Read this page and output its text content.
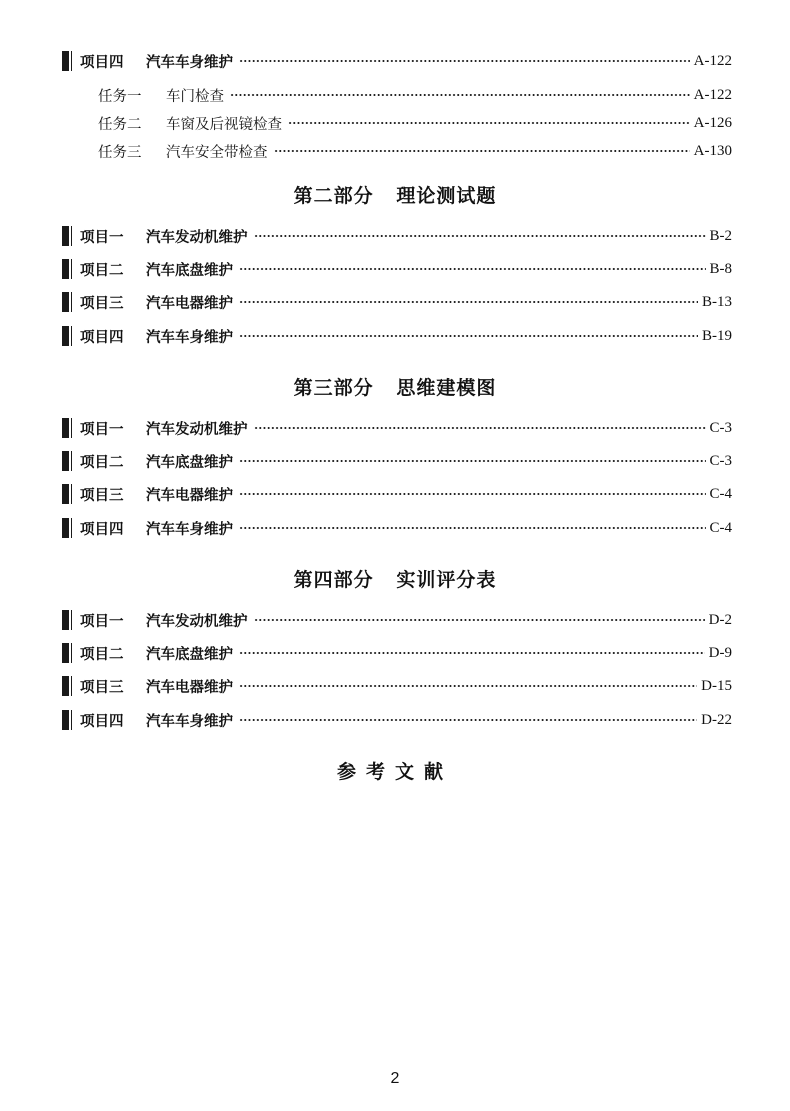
项目四	汽车车身维护	A-122
任务一	车门检查	A-122
任务二	车窗及后视镜检查	A-126
任务三	汽车安全带检查	A-130
第二部分   理论测试题
项目一	汽车发动机维护	B-2
项目二	汽车底盘维护	B-8
项目三	汽车电器维护	B-13
项目四	汽车车身维护	B-19
第三部分   思维建模图
项目一	汽车发动机维护	C-3
项目二	汽车底盘维护	C-3
项目三	汽车电器维护	C-4
项目四	汽车车身维护	C-4
第四部分   实训评分表
项目一	汽车发动机维护	D-2
项目二	汽车底盘维护	D-9
项目三	汽车电器维护	D-15
项目四	汽车车身维护	D-22
参考文献
2
